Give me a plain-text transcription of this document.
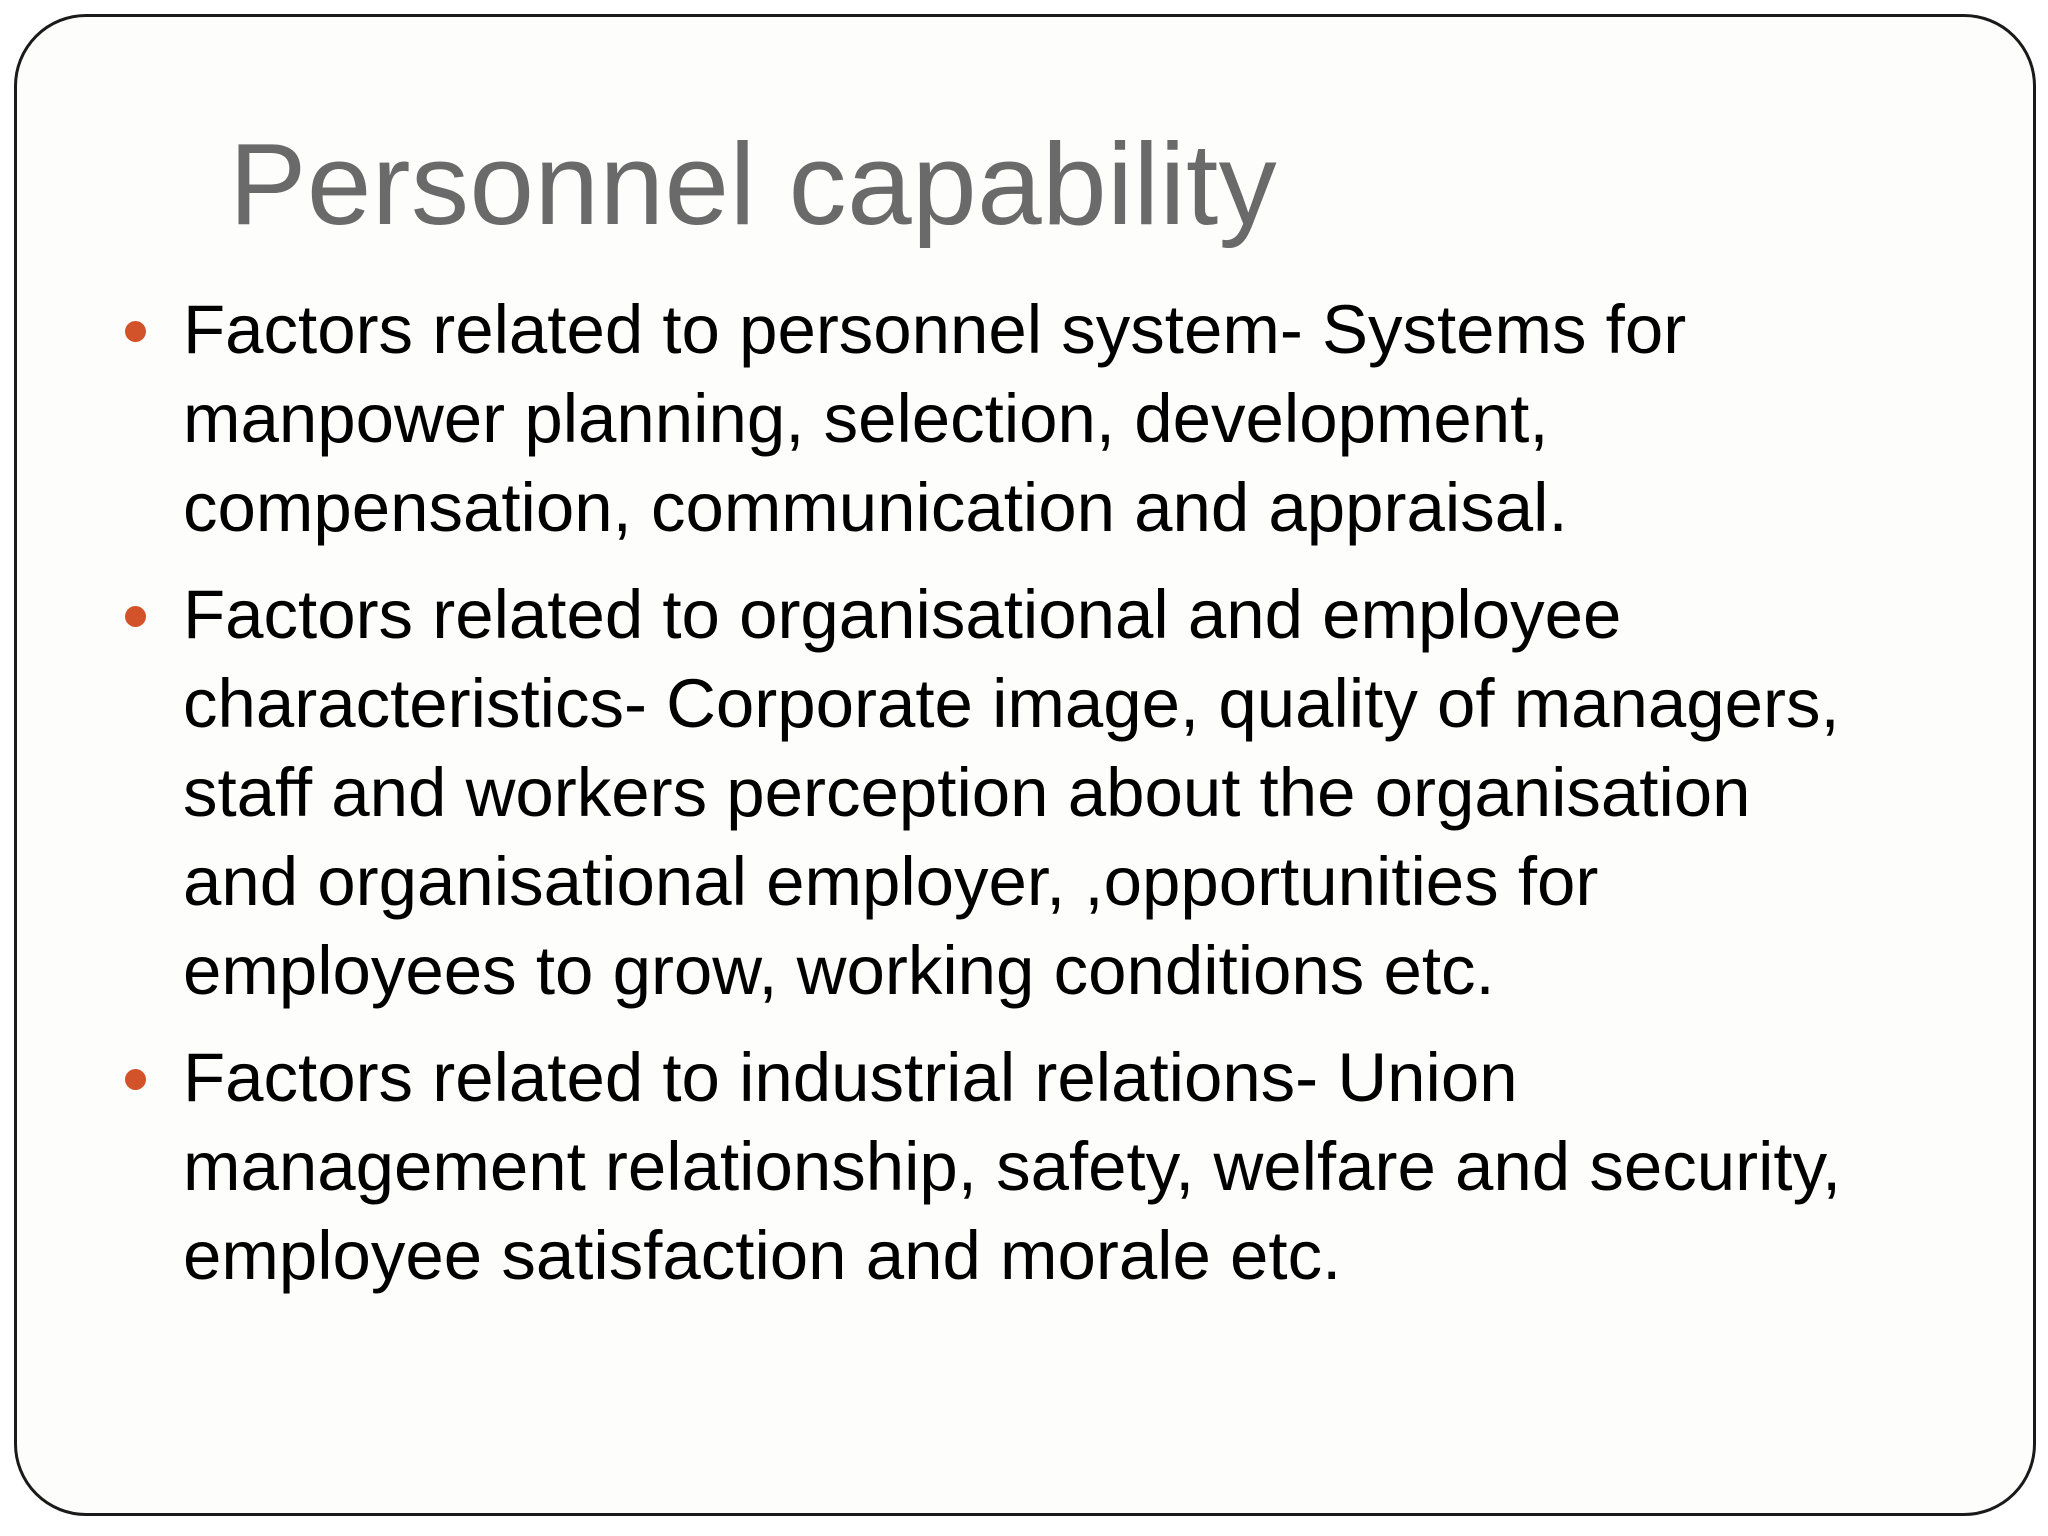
Personnel capability
Factors related to personnel system- Systems for
manpower planning, selection, development,
compensation, communication and appraisal.
Factors related to organisational and employee
characteristics- Corporate image, quality of managers,
staff and workers perception about the organisation
and organisational employer, ,opportunities for
employees to grow, working conditions etc.
Factors related to industrial relations- Union
management relationship, safety, welfare and security,
employee satisfaction and morale etc.
